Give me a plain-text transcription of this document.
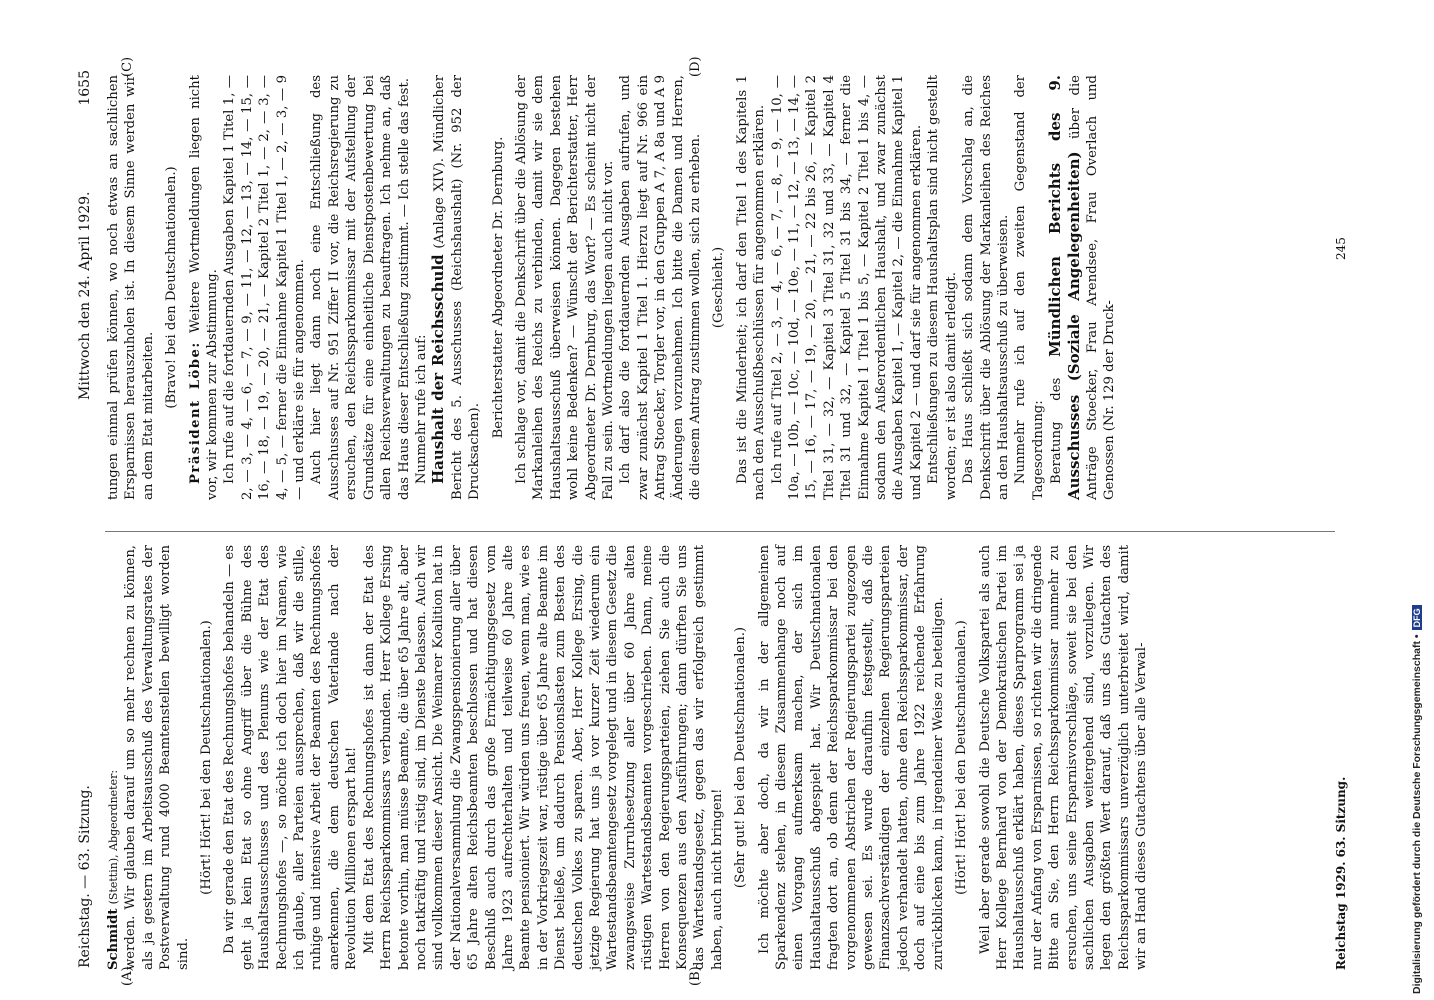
Reichstag. — 63. Sitzung.
Mittwoch den 24. April 1929.
1655
(A)	(B)
(C)	(D)

Schmidt (Stettin), Abgeordneter: werden. Wir glauben darauf um so mehr rechnen zu können, als ja gestern im Arbeitsausschuß des Verwaltungsrates der Postverwaltung rund 4000 Beamtenstellen bewilligt worden sind.

(Hört! Hört! bei den Deutschnationalen.) Da wir gerade den Etat des Rechnungshofes behandeln — es geht ja kein Etat so ohne Angriff über die Bühne des Haushaltsausschusses und des Plenums wie der Etat des Rechnungshofes —, so möchte ich doch hier im Namen, wie ich glaube, aller Parteien aussprechen, daß wir die stille, ruhige und intensive Arbeit der Beamten des Rechnungshofes anerkennen, die dem deutschen Vaterlande nach der Revolution Millionen erspart hat! Mit dem Etat des Rechnungshofes ist dann der Etat des Herrn Reichssparkommissars verbunden. Herr Kollege Ersing betonte vorhin, man müsse Beamte, die über 65 Jahre alt, aber noch tatkräftig und rüstig sind, im Dienste belassen. Auch wir sind vollkommen dieser Ansicht. Die Weimarer Koalition hat in der Nationalversammlung die Zwangspensionierung aller über 65 Jahre alten Reichsbeamten beschlossen und hat diesen Beschluß auch durch das große Ermächtigungsgesetz vom Jahre 1923 aufrechterhalten und teilweise 60 Jahre alte Beamte pensioniert. Wir würden uns freuen, wenn man, wie es in der Vorkriegszeit war, rüstige über 65 Jahre alte Beamte im Dienst beließe, um dadurch Pensionslasten zum Besten des deutschen Volkes zu sparen. Aber, Herr Kollege Ersing, die jetzige Regierung hat uns ja vor kurzer Zeit wiederum ein Wartestandsbeamtengesetz vorgelegt und in diesem Gesetz die zwangsweise Zurruhesetzung aller über 60 Jahre alten rüstigen Wartestandsbeamten vorgeschrieben. Dann, meine Herren von den Regierungsparteien, ziehen Sie auch die Konsequenzen aus den Ausführungen; dann dürften Sie uns das Wartestandsgesetz, gegen das wir erfolgreich gestimmt haben, auch nicht bringen! (Sehr gut! bei den Deutschnationalen.) Ich möchte aber doch, da wir in der allgemeinen Sparkendenz stehen, in diesem Zusammenhange noch auf einen Vorgang aufmerksam machen, der sich im Haushaltausschuß abgespielt hat. Wir Deutschnationalen fragten dort an, ob denn der Reichssparkommissar bei den vorgenommenen Abstrichen der Regierungspartei zugezogen gewesen sei. Es wurde daraufhin festgestellt, daß die Finanzsachverständigen der einzelnen Regierungsparteien jedoch verhandelt hatten, ohne den Reichssparkommissar, der doch auf eine bis zum Jahre 1922 reichende Erfahrung zurückblicken kann, in irgendeiner Weise zu beteiligen. (Hört! Hört! bei den Deutschnationalen.) Weil aber gerade sowohl die Deutsche Volkspartei als auch Herr Kollege Bernhard von der Demokratischen Partei im Haushaltausschuß erklärt haben, dieses Sparprogramm sei ja nur der Anfang von Ersparnissen, so richten wir die dringende Bitte an Sie, den Herrn Reichssparkommissar nunmehr zu ersuchen, uns seine Ersparnisvorschläge, soweit sie bei den sachlichen Ausgaben weitergehend sind, vorzulegen. Wir legen den größten Wert darauf, daß uns das Gutachten des Reichssparkommissars unverzüglich unterbreitet wird, damit wir an Hand dieses Gutachtens über alle Verwal-

tungen einmal prüfen können, wo noch etwas an sachlichen Ersparnissen herauszuholen ist. In diesem Sinne werden wir an dem Etat mitarbeiten.

(Bravo! bei den Deutschnationalen.)

Präsident Löbe: Weitere Wortmeldungen liegen nicht vor, wir kommen zur Abstimmung. Ich rufe auf die fortdauernden Ausgaben Kapitel 1 Titel 1, — 2, — 3, — 4, — 6, — 7, — 9, — 11, — 12, — 13, — 14, — 15, — 16, — 18, — 19, — 20, — 21, — Kapitel 2 Titel 1, — 2, — 3, — 4, — 5, — ferner die Einnahme Kapitel 1 Titel 1, — 2, — 3, — 9 — und erkläre sie für angenommen. Auch hier liegt dann noch eine Entschließung des Ausschusses auf Nr. 951 Ziffer II vor, die Reichsregierung zu ersuchen, den Reichssparkommissar mit der Aufstellung der Grundsätze für eine einheitliche Dienstpostenbewertung bei allen Reichsverwaltungen zu beauftragen. Ich nehme an, daß das Haus dieser Entschließung zustimmt. — Ich stelle das fest. Nunmehr rufe ich auf: Haushalt der Reichsschuld (Anlage XIV). Mündlicher Bericht des 5. Ausschusses (Reichshaushalt) (Nr. 952 der Drucksachen).

Berichterstatter Abgeordneter Dr. Dernburg. Ich schlage vor, damit die Denkschrift über die Ablösung der Markanleihen des Reichs zu verbinden, damit wir sie dem Haushaltsausschuß überweisen können. Dagegen bestehen wohl keine Bedenken? — Wünscht der Berichterstatter, Herr Abgeordneter Dr. Dernburg, das Wort? — Es scheint nicht der Fall zu sein. Wortmeldungen liegen auch nicht vor. Ich darf also die fortdauernden Ausgaben aufrufen, und zwar zunächst Kapitel 1 Titel 1. Hierzu liegt auf Nr. 966 ein Antrag Stoecker, Torgler vor, in den Gruppen A 7, A 8a und A 9 Änderungen vorzunehmen. Ich bitte die Damen und Herren, die diesem Antrag zustimmen wollen, sich zu erheben. (Geschieht.) Das ist die Minderheit; ich darf den Titel 1 des Kapitels 1 nach den Ausschußbeschlüssen für angenommen erklären. Ich rufe auf Titel 2, — 3, — 4, — 6, — 7, — 8, — 9, — 10, — 10a, — 10b, — 10c, — 10d, — 10e, — 11, — 12, — 13, — 14, — 15, — 16, — 17, — 19, — 20, — 21, — 22 bis 26, — Kapitel 2 Titel 31, — 32, — Kapitel 3 Titel 31, 32 und 33, — Kapitel 4 Titel 31 und 32, — Kapitel 5 Titel 31 bis 34, — ferner die Einnahme Kapitel 1 Titel 1 bis 5, — Kapitel 2 Titel 1 bis 4, — sodann den Außerordentlichen Haushalt, und zwar zunächst die Ausgaben Kapitel 1, — Kapitel 2, — die Einnahme Kapitel 1 und Kapitel 2 — und darf sie für angenommen erklären. Entschließungen zu diesem Haushaltsplan sind nicht gestellt worden; er ist also damit erledigt. Das Haus schließt sich sodann dem Vorschlag an, die Denkschrift über die Ablösung der Markanleihen des Reiches an den Haushaltsausschuß zu überweisen. Nunmehr rufe ich auf den zweiten Gegenstand der Tagesordnung: Beratung des Mündlichen Berichts des 9. Ausschusses (Soziale Angelegenheiten) über die Anträge Stoecker, Frau Arendsee, Frau Overlach und Genossen (Nr. 129 der Druck-

Reichstag 1929. 63. Sitzung.
245
Digitalisierung gefördert durch die Deutsche Forschungsgemeinschaft •DFG
